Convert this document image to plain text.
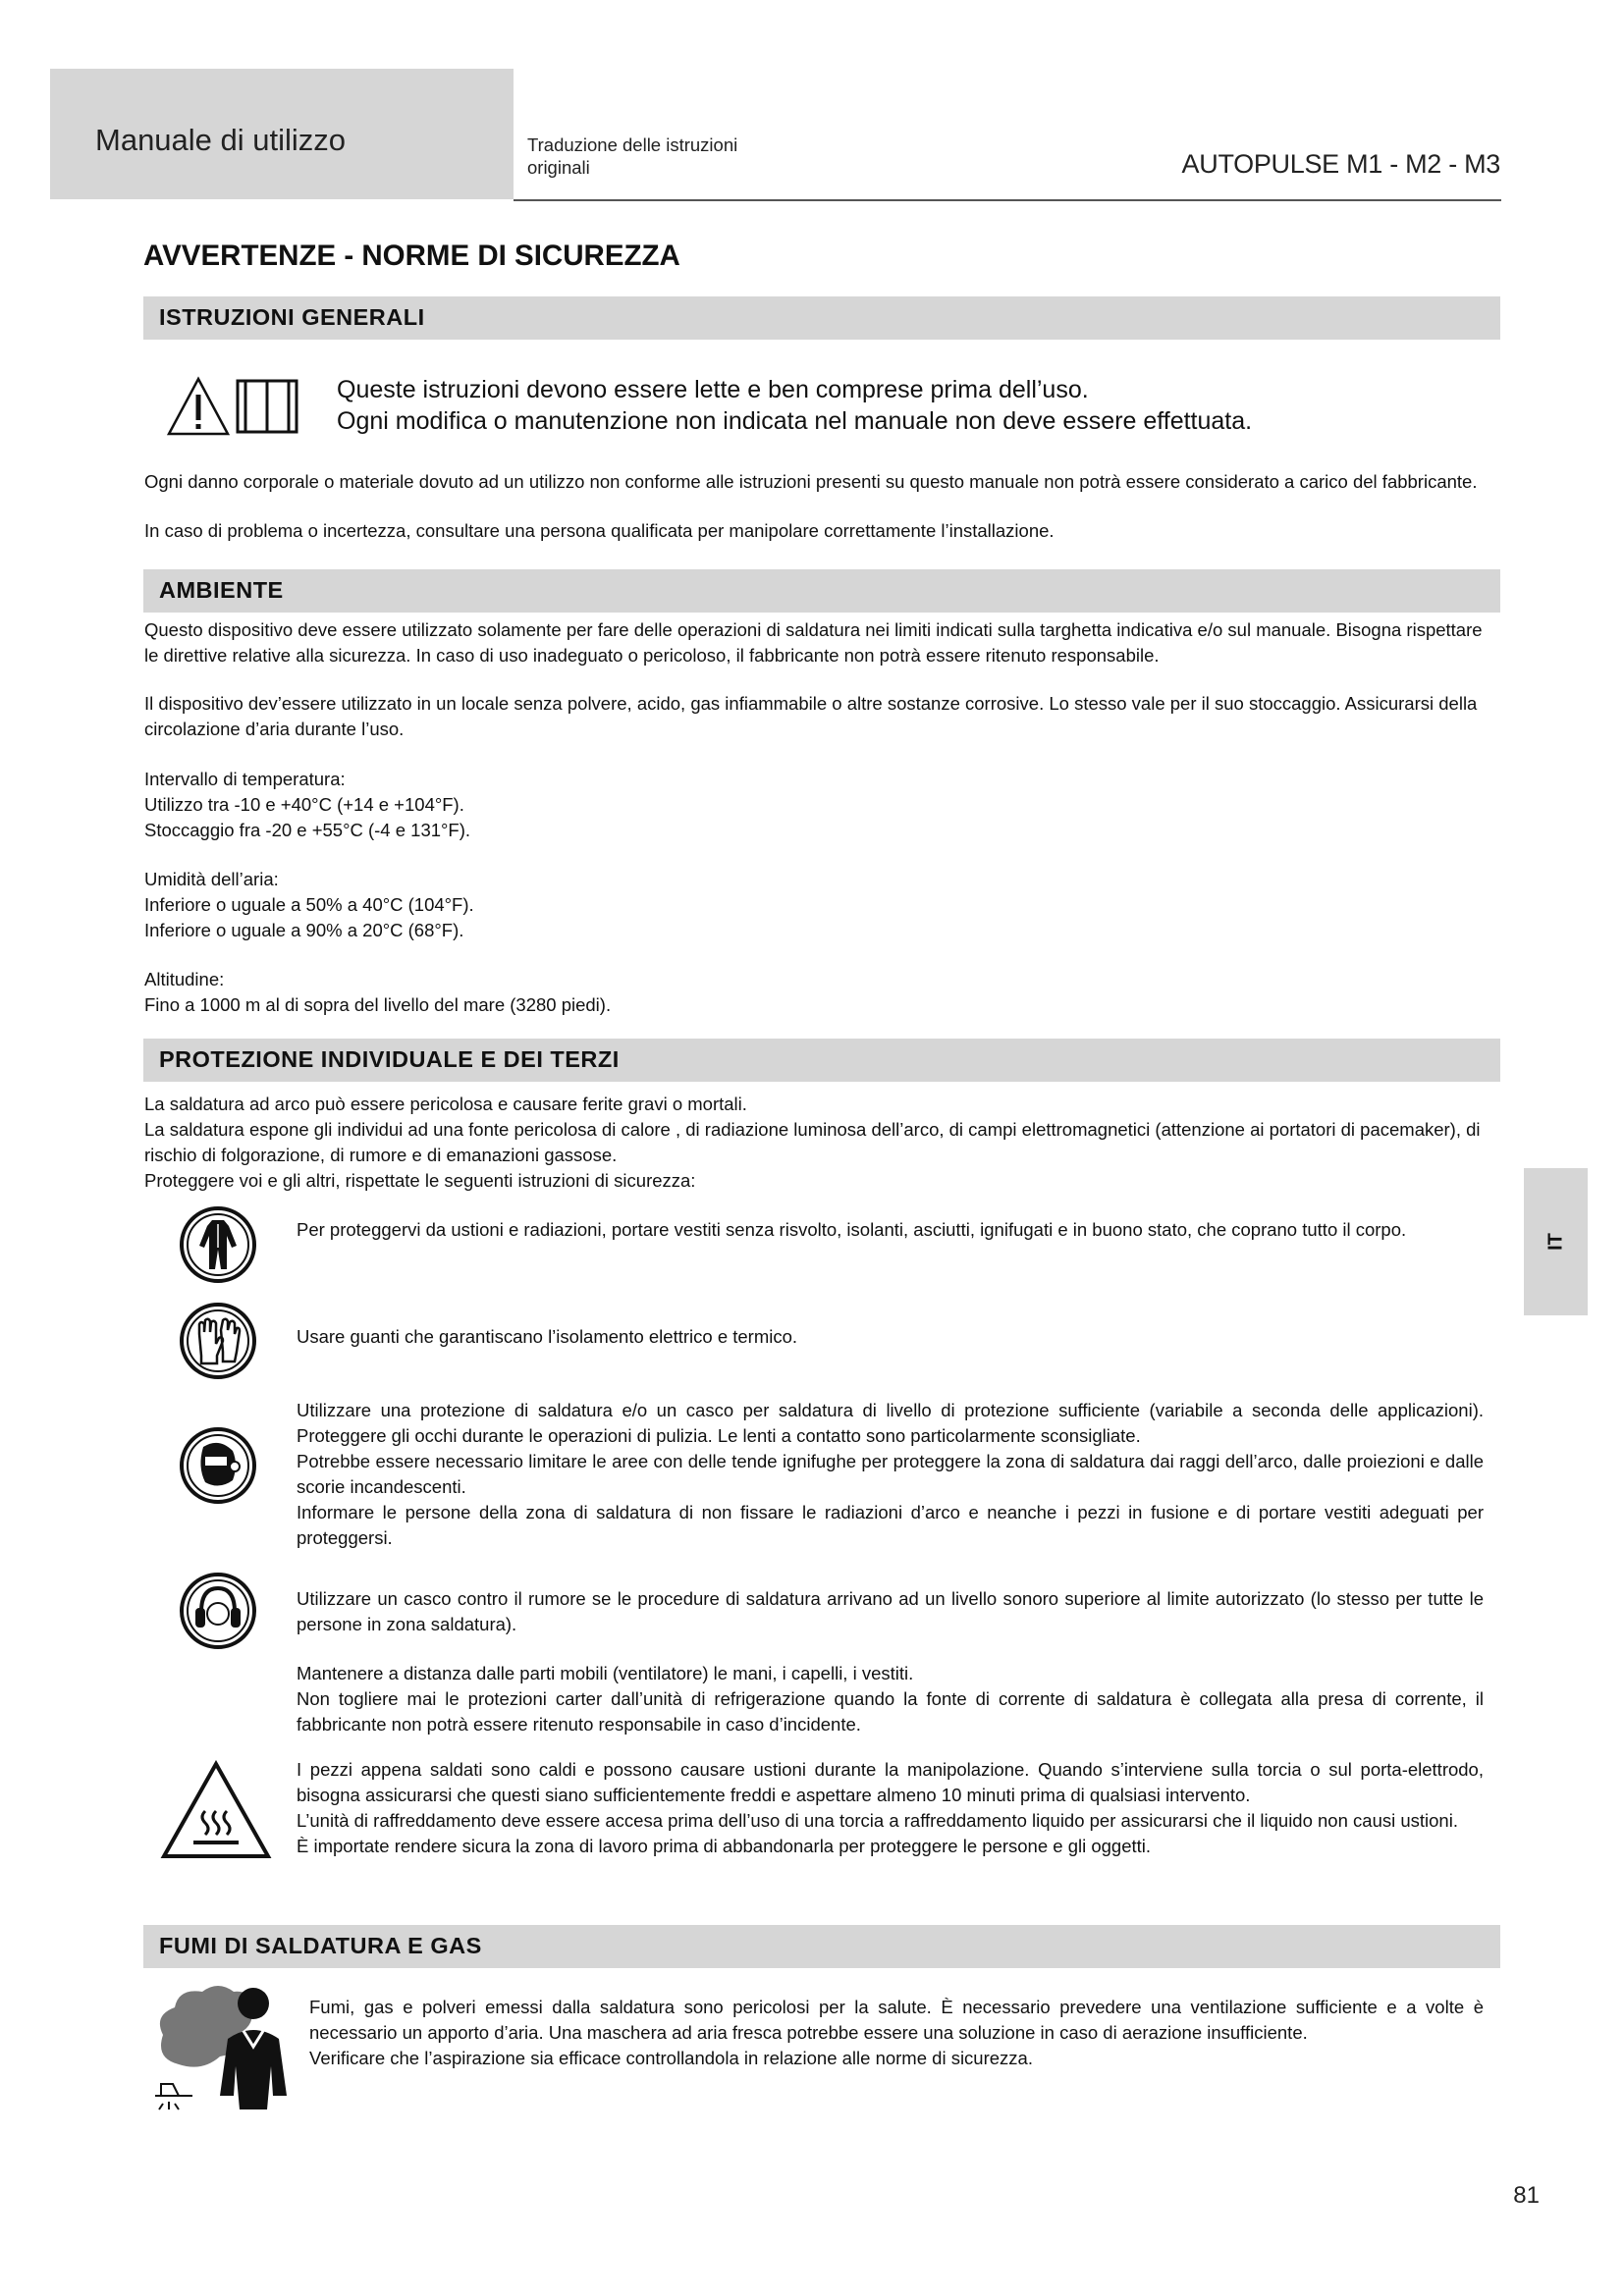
Manuale di utilizzo	Traduzione delle istruzioni
originali	AUTOPULSE M1 - M2 - M3
AVVERTENZE - NORME DI SICUREZZA
ISTRUZIONI GENERALI
Queste istruzioni devono essere lette e ben comprese prima dell’uso.
Ogni modifica o manutenzione non indicata nel manuale non deve essere effettuata.

Ogni danno corporale o materiale dovuto ad un utilizzo non conforme alle istruzioni presenti su questo manuale non potrà essere considerato a carico del fabbricante.

In caso di problema o incertezza, consultare una persona qualificata per manipolare correttamente l’installazione.

AMBIENTE

Questo dispositivo deve essere utilizzato solamente per fare delle operazioni di saldatura nei limiti indicati sulla targhetta indicativa e/o sul manuale. Bisogna rispettare le direttive relative alla sicurezza. In caso di uso inadeguato o pericoloso, il fabbricante non potrà essere ritenuto responsabile.

Il dispositivo dev’essere utilizzato in un locale senza polvere, acido, gas infiammabile o altre sostanze corrosive. Lo stesso vale per il suo stoccaggio. Assicurarsi della circolazione d’aria durante l’uso.

Intervallo di temperatura:
Utilizzo tra -10 e +40°C (+14 e +104°F).
Stoccaggio fra -20 e +55°C (-4 e 131°F).
Umidità dell’aria:
Inferiore o uguale a 50% a 40°C (104°F).
Inferiore o uguale a 90% a 20°C (68°F).
Altitudine:
Fino a 1000 m al di sopra del livello del mare (3280 piedi).
PROTEZIONE INDIVIDUALE E DEI TERZI
La saldatura ad arco può essere pericolosa e causare ferite gravi o mortali.
La saldatura espone gli individui ad una fonte pericolosa di calore , di radiazione luminosa dell’arco, di campi elettromagnetici (attenzione ai portatori di pacemaker), di rischio di folgorazione, di rumore e di emanazioni gassose.
Proteggere voi e gli altri, rispettate le seguenti istruzioni di sicurezza:

Per proteggervi da ustioni e radiazioni, portare vestiti senza risvolto, isolanti, asciutti, ignifugati e in buono stato, che coprano tutto il corpo.

Usare guanti che garantiscano l’isolamento elettrico e termico.

Utilizzare una protezione di saldatura e/o un casco per saldatura di livello di protezione sufficiente (variabile a seconda delle applicazioni). Proteggere gli occhi durante le operazioni di pulizia. Le lenti a contatto sono particolarmente sconsigliate.
Potrebbe essere necessario limitare le aree con delle tende ignifughe per proteggere la zona di saldatura dai raggi dell’arco, dalle proiezioni e dalle scorie incandescenti.
Informare le persone della zona di saldatura di non fissare le radiazioni d’arco e neanche i pezzi in fusione e di portare vestiti adeguati per proteggersi.

Utilizzare un casco contro il rumore se le procedure di saldatura arrivano ad un livello sonoro superiore al limite autorizzato (lo stesso per tutte le persone in zona saldatura).

Mantenere a distanza dalle parti mobili (ventilatore) le mani, i capelli, i vestiti.
Non togliere mai le protezioni carter dall’unità di refrigerazione quando la fonte di corrente di saldatura è collegata alla presa di corrente, il fabbricante non potrà essere ritenuto responsabile in caso d’incidente.
I pezzi appena saldati sono caldi e possono causare ustioni durante la manipolazione. Quando s’interviene sulla torcia o sul porta-elettrodo, bisogna assicurarsi che questi siano sufficientemente freddi e aspettare almeno 10 minuti prima di qualsiasi intervento.
L’unità di raffreddamento deve essere accesa prima dell’uso di una torcia a raffreddamento liquido per assicurarsi che il liquido non causi ustioni.
È importate rendere sicura la zona di lavoro prima di abbandonarla per proteggere le persone e gli oggetti.
FUMI DI SALDATURA E GAS
Fumi, gas e polveri emessi dalla saldatura sono pericolosi per la salute. È necessario prevedere una ventilazione sufficiente e a volte è necessario un apporto d’aria. Una maschera ad aria fresca potrebbe essere una soluzione in caso di aerazione insufficiente.
Verificare che l’aspirazione sia efficace controllandola in relazione alle norme di sicurezza.
IT
81
